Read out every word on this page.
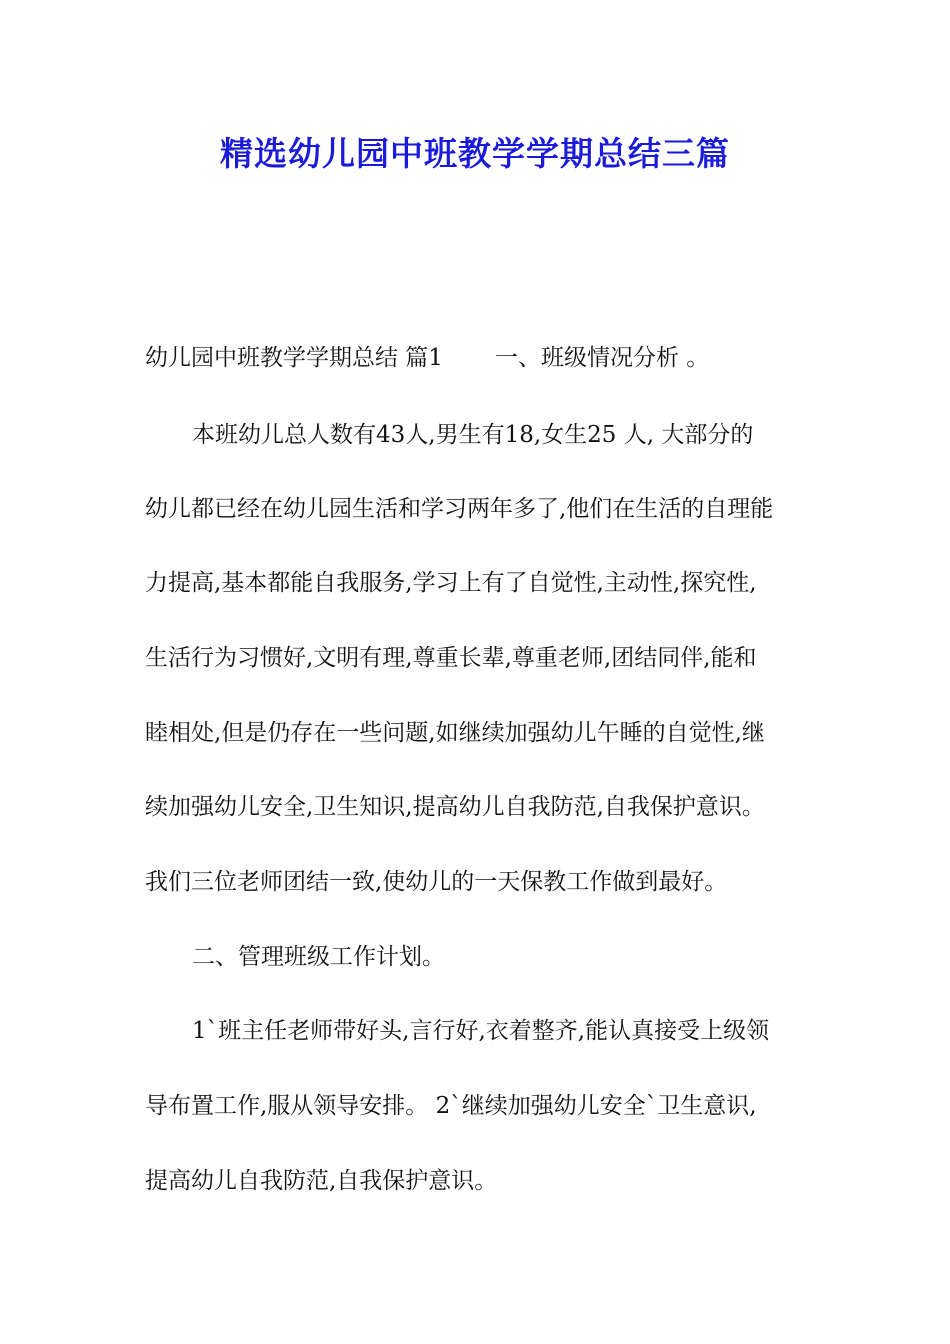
精选幼儿园中班教学学期总结三篇
幼儿园中班教学学期总结 篇1 一、班级情况分析 。
本班幼儿总人数有43人,男生有18,女生25 人, 大部分的
幼儿都已经在幼儿园生活和学习两年多了,他们在生活的自理能
力提高,基本都能自我服务,学习上有了自觉性,主动性,探究性,
生活行为习惯好,文明有理,尊重长辈,尊重老师,团结同伴,能和
睦相处,但是仍存在一些问题,如继续加强幼儿午睡的自觉性,继
续加强幼儿安全,卫生知识,提高幼儿自我防范,自我保护意识。
我们三位老师团结一致,使幼儿的一天保教工作做到最好。
二、管理班级工作计划。
1`班主任老师带好头,言行好,衣着整齐,能认真接受上级领
导布置工作,服从领导安排。 2`继续加强幼儿安全`卫生意识,
提高幼儿自我防范,自我保护意识。
